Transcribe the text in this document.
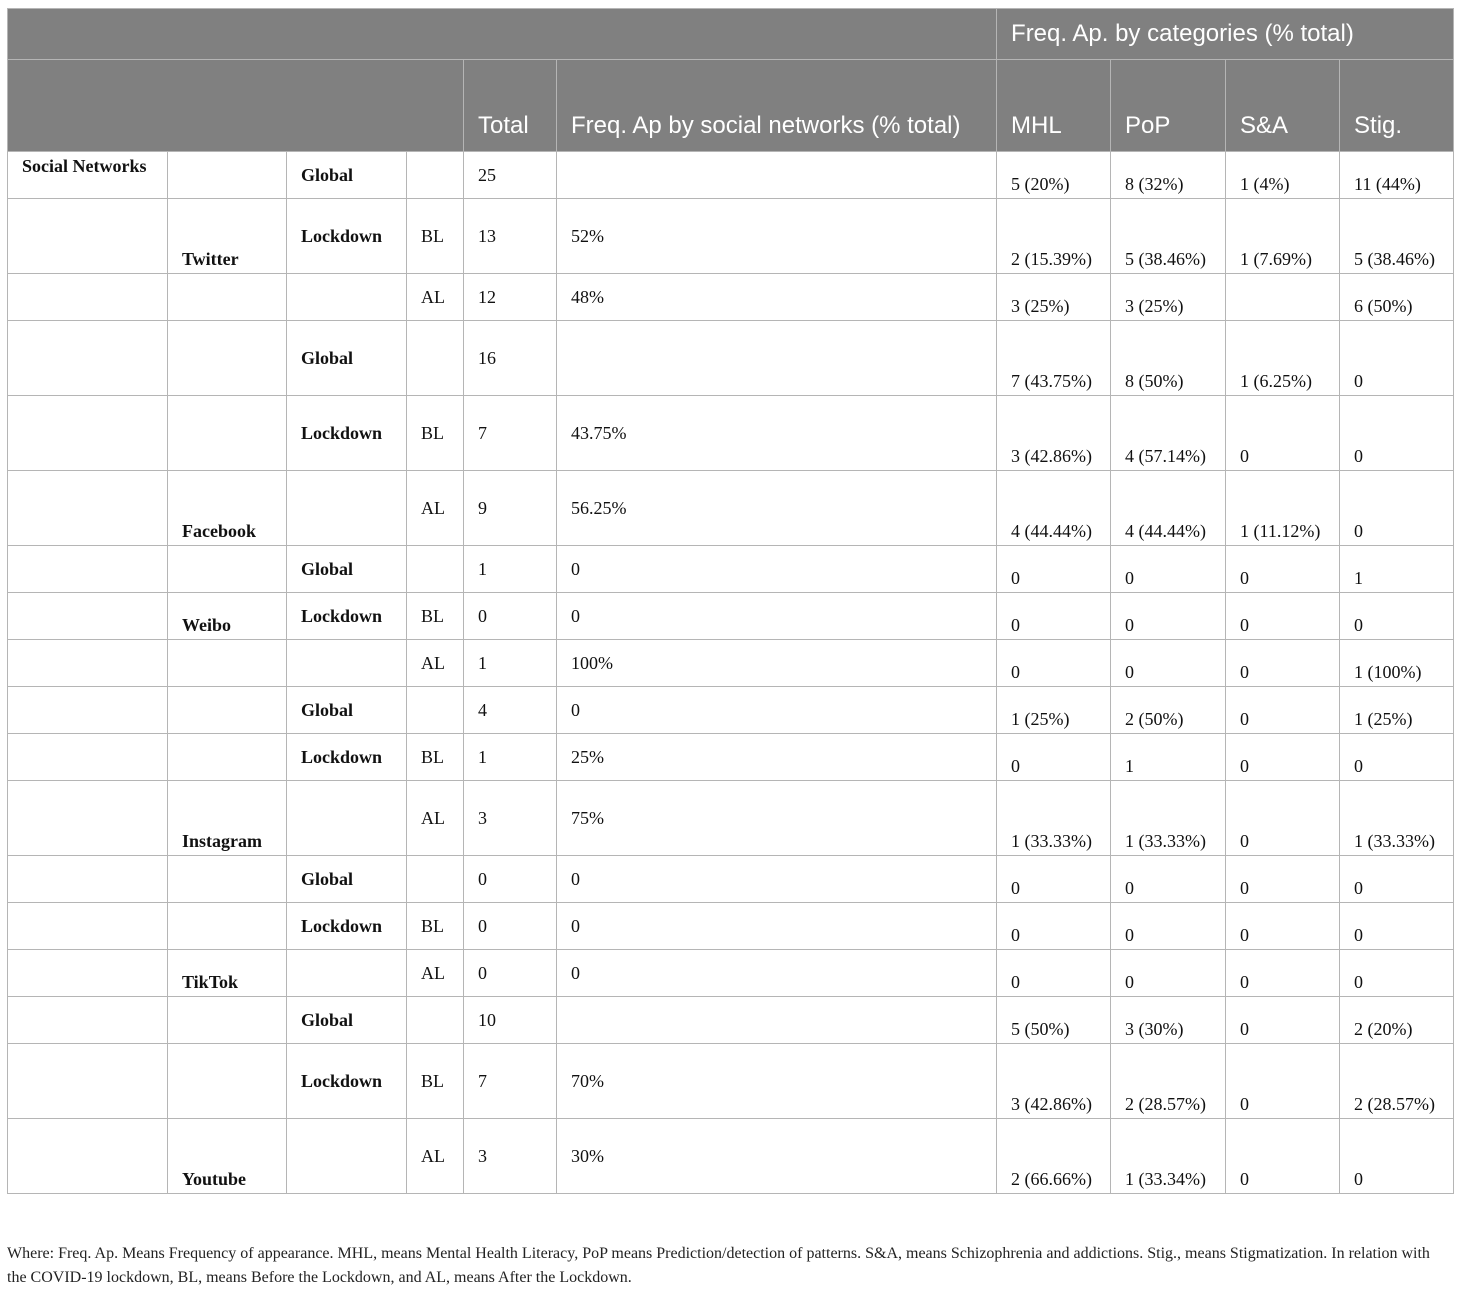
						Freq. Ap. by categories (% total)			
				Total	Freq. Ap by social networks (% total)	MHL	PoP	S&A	Stig.
Social Networks		Global		25		5 (20%)	8 (32%)	1 (4%)	11 (44%)
	Twitter	Lockdown	BL	13	52%	2 (15.39%)	5 (38.46%)	1 (7.69%)	5 (38.46%)
			AL	12	48%	3 (25%)	3 (25%)		6 (50%)
		Global		16		7 (43.75%)	8 (50%)	1 (6.25%)	0
		Lockdown	BL	7	43.75%	3 (42.86%)	4 (57.14%)	0	0
	Facebook		AL	9	56.25%	4 (44.44%)	4 (44.44%)	1 (11.12%)	0
		Global		1	0	0	0	0	1
	Weibo	Lockdown	BL	0	0	0	0	0	0
			AL	1	100%	0	0	0	1 (100%)
		Global		4	0	1 (25%)	2 (50%)	0	1 (25%)
		Lockdown	BL	1	25%	0	1	0	0
	Instagram		AL	3	75%	1 (33.33%)	1 (33.33%)	0	1 (33.33%)
		Global		0	0	0	0	0	0
		Lockdown	BL	0	0	0	0	0	0
	TikTok		AL	0	0	0	0	0	0
		Global		10		5 (50%)	3 (30%)	0	2 (20%)
		Lockdown	BL	7	70%	3 (42.86%)	2 (28.57%)	0	2 (28.57%)
	Youtube		AL	3	30%	2 (66.66%)	1 (33.34%)	0	0
Where: Freq. Ap. Means Frequency of appearance. MHL, means Mental Health Literacy, PoP means Prediction/detection of patterns. S&A, means Schizophrenia and addictions. Stig., means Stigmatization. In relation with the COVID-19 lockdown, BL, means Before the Lockdown, and AL, means After the Lockdown.
